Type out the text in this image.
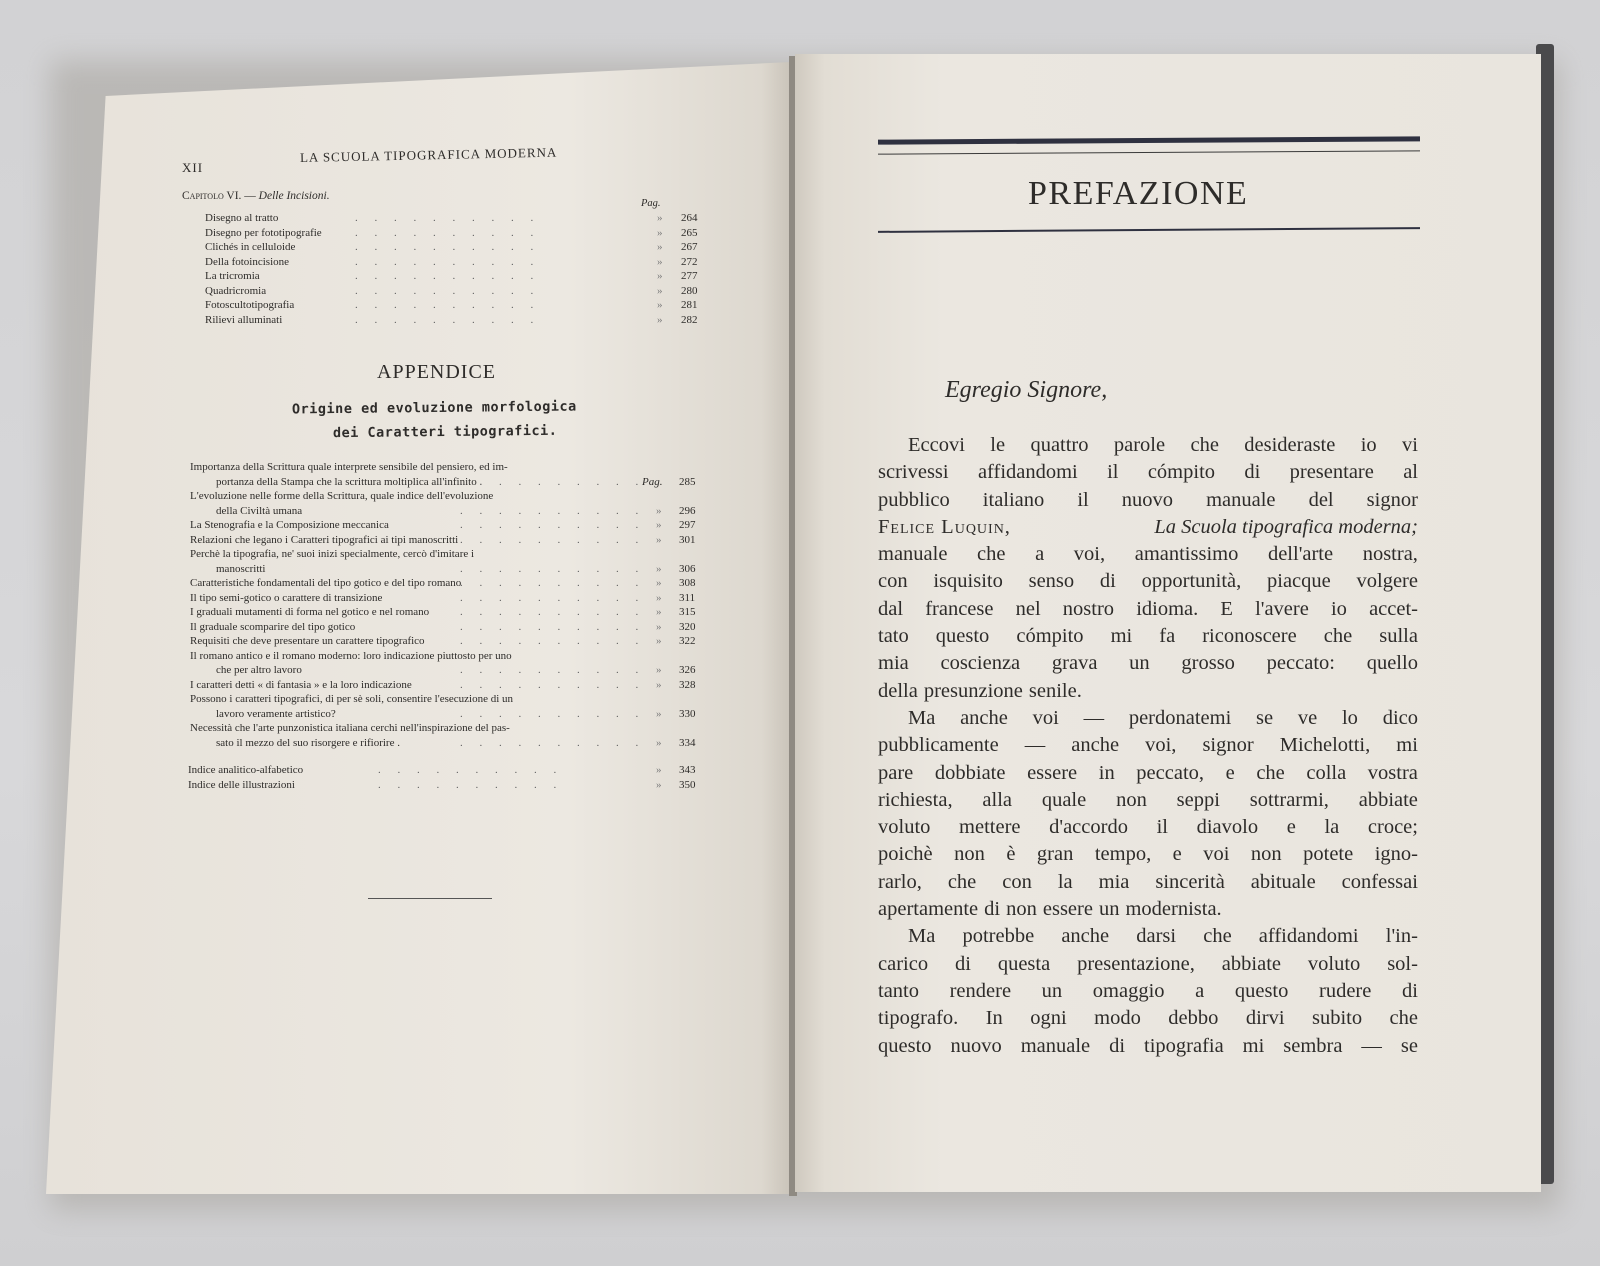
XII
LA SCUOLA TIPOGRAFICA MODERNA
Capitolo VI. — Delle Incisioni.
Pag.
Disegno al tratto	. . . . . . . . . .	» 264
Disegno per fototipografie	. . . . . . . . . .	» 265
Clichés in celluloide	. . . . . . . . . .	» 267
Della fotoincisione	. . . . . . . . . .	» 272
La tricromia	. . . . . . . . . .	» 277
Quadricromia	. . . . . . . . . .	» 280
Fotoscultotipografia	. . . . . . . . . .	» 281
Rilievi alluminati	. . . . . . . . . .	» 282
APPENDICE
Origine ed evoluzione morfologica
dei Caratteri tipografici.
Importanza della Scrittura quale interprete sensibile del pensiero, ed im-
portanza della Stampa che la scrittura moltiplica all'infinito .
. . . . . . . . . .	285
Pag.
L'evoluzione nelle forme della Scrittura, quale indice dell'evoluzione
della Civiltà umana	. . . . . . . . . . » 296
La Stenografia e la Composizione meccanica	. . . . . . . . . . » 297
Relazioni che legano i Caratteri tipografici ai tipi manoscritti . . . . . . . . . . » 301
Perchè la tipografia, ne' suoi inizi specialmente, cercò d'imitare i
manoscritti	. . . . . . . . . . » 306
Caratteristiche fondamentali del tipo gotico e del tipo romano
. . . . . . . . . . » 308
Il tipo semi-gotico o carattere di transizione	. . . . . . . . . . » 311
I graduali mutamenti di forma nel gotico e nel romano	. . . . . . . . . . » 315
Il graduale scomparire del tipo gotico	. . . . . . . . . . » 320
Requisiti che deve presentare un carattere tipografico	. . . . . . . . . . » 322
Il romano antico e il romano moderno: loro indicazione piuttosto per uno
che per altro lavoro	. . . . . . . . . . » 326
I caratteri detti « di fantasia » e la loro indicazione	. . . . . . . . . . » 328
Possono i caratteri tipografici, di per sè soli, consentire l'esecuzione di un
lavoro veramente artistico?	. . . . . . . . . . » 330
Necessità che l'arte punzonistica italiana cerchi nell'inspirazione del pas-
sato il mezzo del suo risorgere e rifiorire .	. . . . . . . . . . » 334
Indice analitico-alfabetico	. . . . . . . . . .	» 343
Indice delle illustrazioni	. . . . . . . . . .	» 350
PREFAZIONE
Egregio Signore,
Eccovi le quattro parole che desideraste io vi
scrivessi affidandomi il cómpito di presentare al
pubblico italiano il nuovo manuale del signor
Felice Luquin,	La Scuola tipografica moderna;
manuale che a voi, amantissimo dell'arte nostra,
con isquisito senso di opportunità, piacque volgere
dal francese nel nostro idioma. E l'avere io accet-
tato questo cómpito mi fa riconoscere che sulla
mia coscienza grava un grosso peccato: quello
della presunzione senile.
Ma anche voi — perdonatemi se ve lo dico
pubblicamente — anche voi, signor Michelotti, mi
pare dobbiate essere in peccato, e che colla vostra
richiesta, alla quale non seppi sottrarmi, abbiate
voluto mettere d'accordo il diavolo e la croce;
poichè non è gran tempo, e voi non potete igno-
rarlo, che con la mia sincerità abituale confessai
apertamente di non essere un modernista.
Ma potrebbe anche darsi che affidandomi l'in-
carico di questa presentazione, abbiate voluto sol-
tanto rendere un omaggio a questo rudere di
tipografo. In ogni modo debbo dirvi subito che
questo nuovo manuale di tipografia mi sembra — se
